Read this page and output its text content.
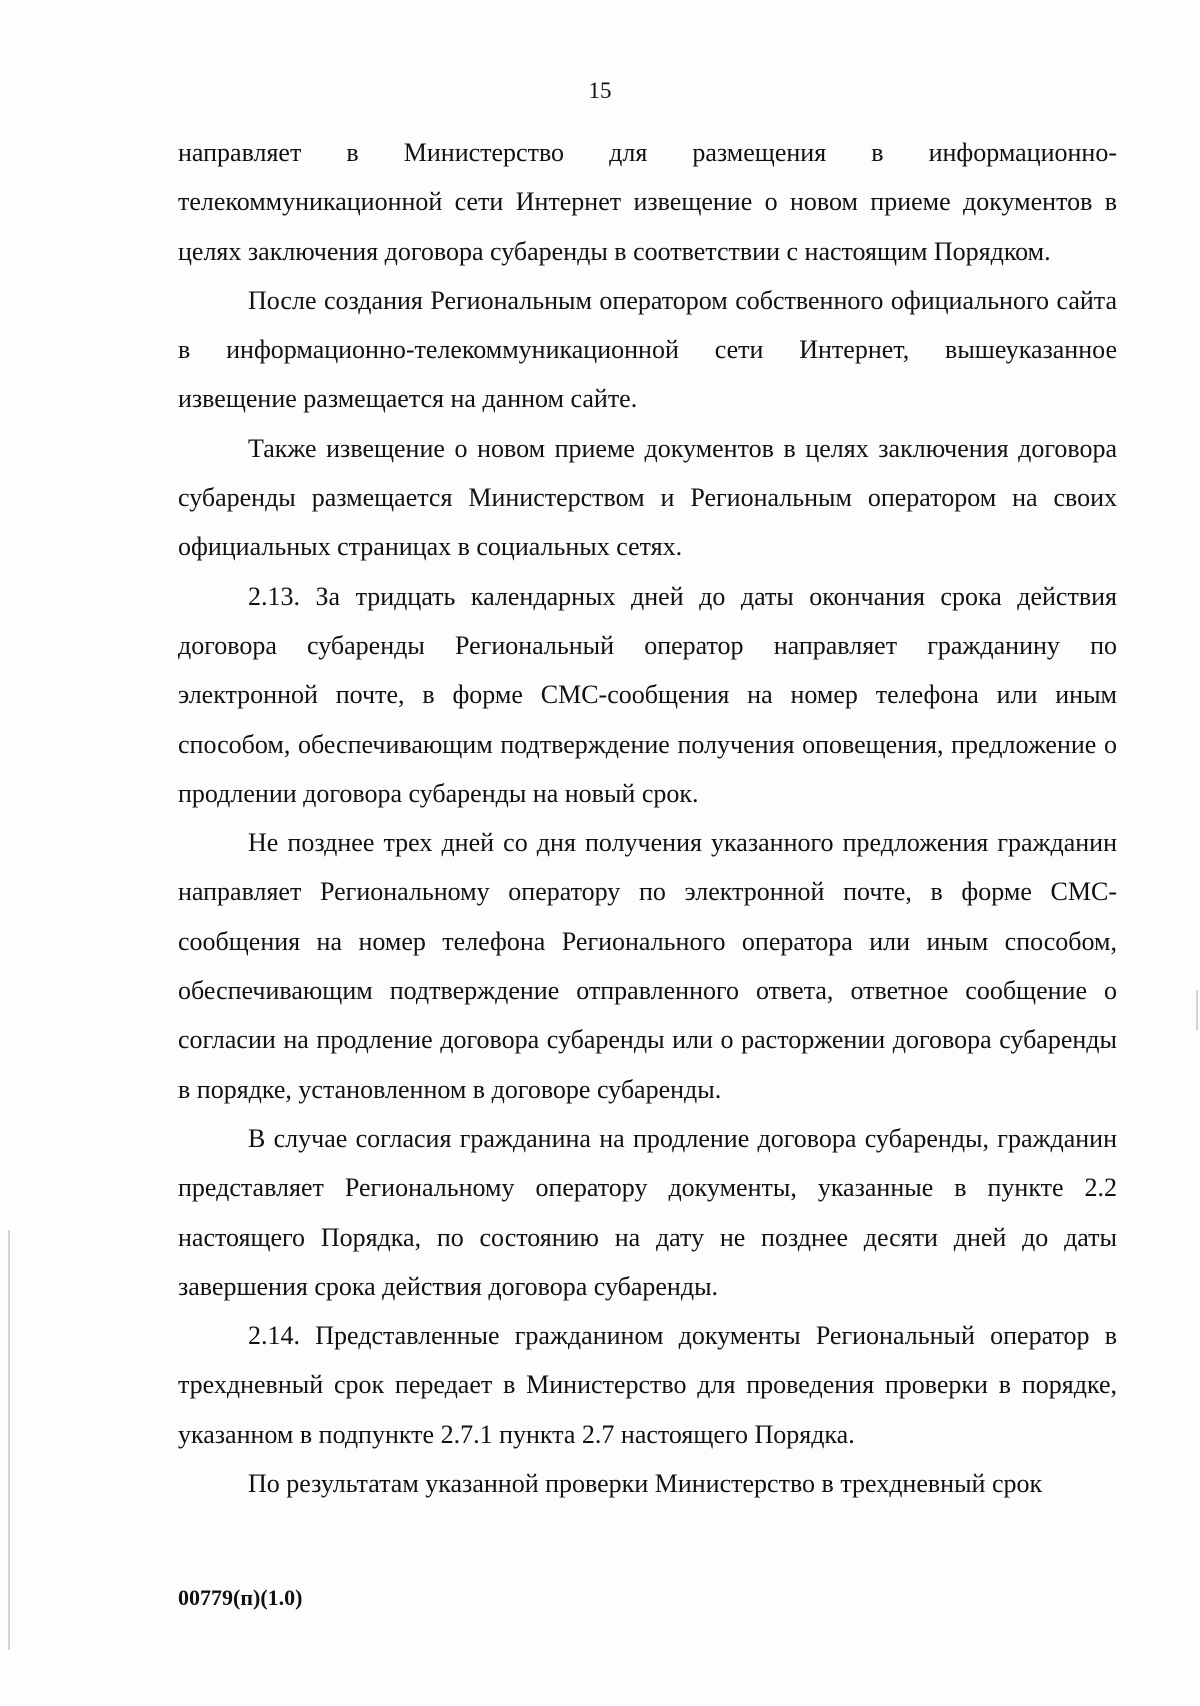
15

направляет в Министерство для размещения в информационно-телекоммуникационной сети Интернет извещение о новом приеме документов в целях заключения договора субаренды в соответствии с настоящим Порядком.

После создания Региональным оператором собственного официального сайта в информационно-телекоммуникационной сети Интернет, вышеуказанное извещение размещается на данном сайте.

Также извещение о новом приеме документов в целях заключения договора субаренды размещается Министерством и Региональным оператором на своих официальных страницах в социальных сетях.

2.13. За тридцать календарных дней до даты окончания срока действия договора субаренды Региональный оператор направляет гражданину по электронной почте, в форме СМС-сообщения на номер телефона или иным способом, обеспечивающим подтверждение получения оповещения, предложение о продлении договора субаренды на новый срок.

Не позднее трех дней со дня получения указанного предложения гражданин направляет Региональному оператору по электронной почте, в форме СМС-сообщения на номер телефона Регионального оператора или иным способом, обеспечивающим подтверждение отправленного ответа, ответное сообщение о согласии на продление договора субаренды или о расторжении договора субаренды в порядке, установленном в договоре субаренды.

В случае согласия гражданина на продление договора субаренды, гражданин представляет Региональному оператору документы, указанные в пункте 2.2 настоящего Порядка, по состоянию на дату не позднее десяти дней до даты завершения срока действия договора субаренды.

2.14. Представленные гражданином документы Региональный оператор в трехдневный срок передает в Министерство для проведения проверки в порядке, указанном в подпункте 2.7.1 пункта 2.7 настоящего Порядка.

По результатам указанной проверки Министерство в трехдневный срок

00779(п)(1.0)
